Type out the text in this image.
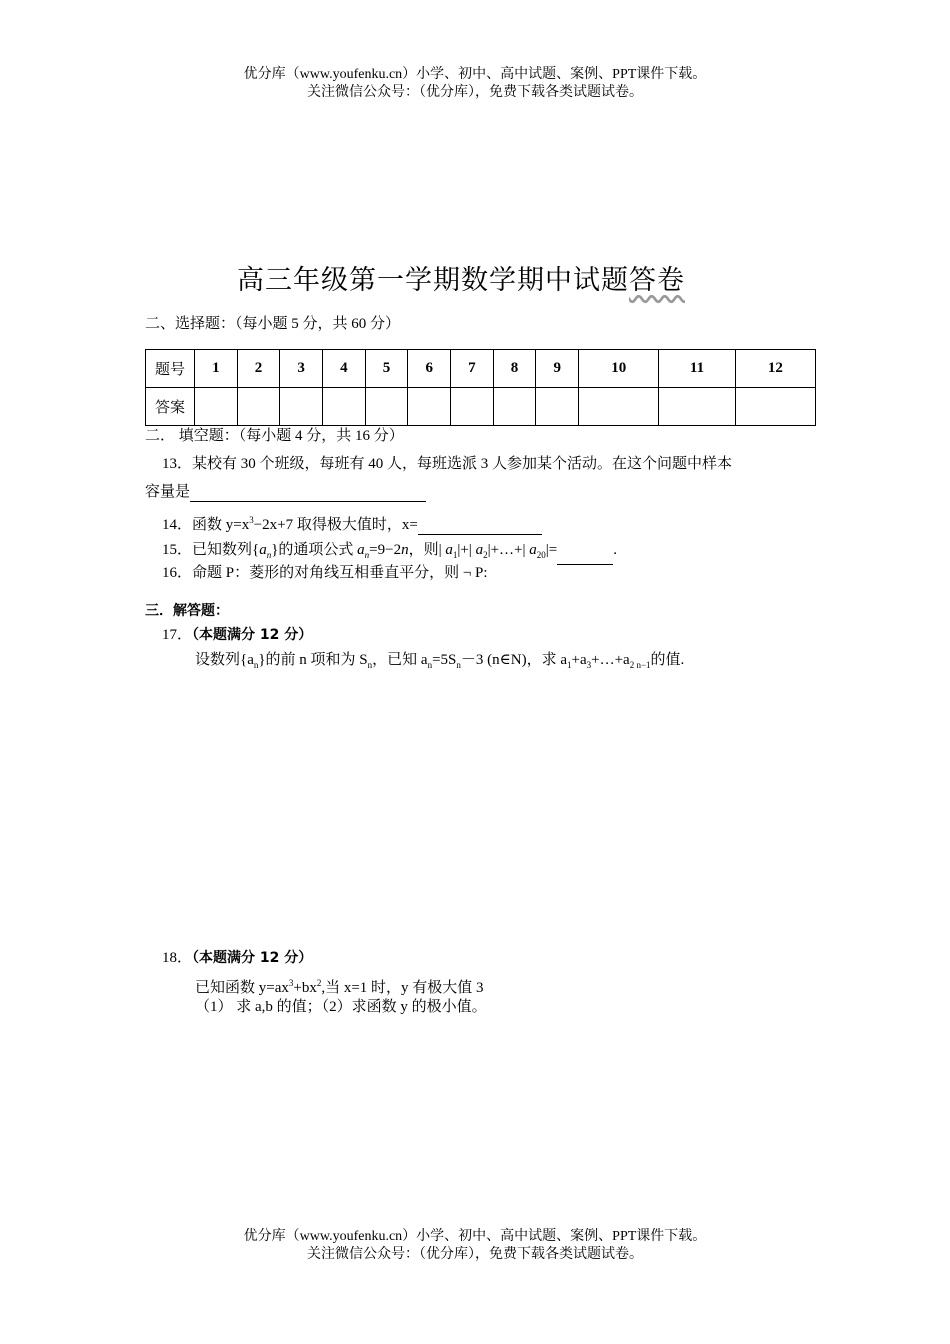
优分库（www.youfenku.cn）小学、初中、高中试题、案例、PPT课件下载。
关注微信公众号：（优分库），免费下载各类试题试卷。
高三年级第一学期数学期中试题答卷
二、选择题：（每小题 5 分，共 60 分）
题号	1	2	3	4	5	6	7	8	9	10	11	12
答案												
二． 填空题：（每小题 4 分，共 16 分）
13．某校有 30 个班级，每班有 40 人，每班选派 3 人参加某个活动。在这个问题中样本
容量是
14．函数 $y=x^3-2x+7$ 取得极大值时，x=
15．已知数列$\{a_n\}$的通项公式 $a_n=9-2n$，则| $a_1|+|$ $a_2|+\dots+|$ $a_{20}|=$	.
16．命题 P：菱形的对角线互相垂直平分，则 ¬ P:
三．解答题：
17．（本题满分 12 分）
设数列$\{a_n\}$的前 n 项和为 $S_n$，已知 $a_n=5S_n-3$ (n∈N)，求 $a_1+a_3+\dots+a_{2 n-1}$的值.
18．（本题满分 12 分）
已知函数 $y=ax^3+bx^2$,当 x=1 时，y 有极大值 3
（1） 求 a,b 的值；（2）求函数 y 的极小值。
优分库（www.youfenku.cn）小学、初中、高中试题、案例、PPT课件下载。
关注微信公众号：（优分库），免费下载各类试题试卷。
